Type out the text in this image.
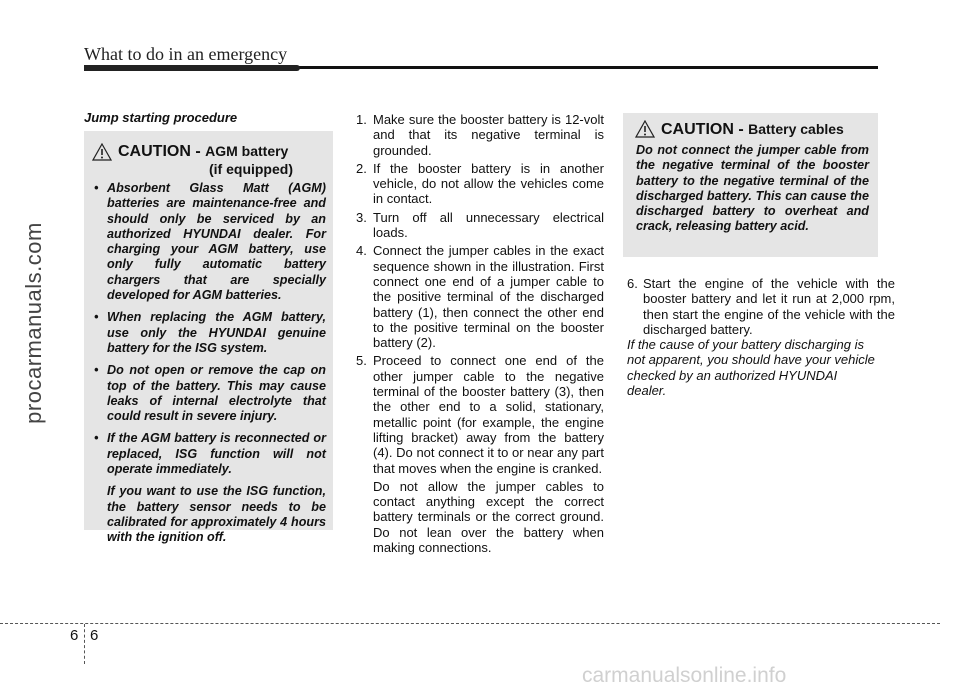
What to do in an emergency
procarmanuals.com
Jump starting procedure
CAUTION - AGM battery
(if equipped)
• Absorbent Glass Matt (AGM) batteries are maintenance-free and should only be serviced by an authorized HYUNDAI dealer. For charging your AGM battery, use only fully automatic battery chargers that are specially developed for AGM batteries.
• When replacing the AGM battery, use only the HYUNDAI genuine battery for the ISG system.
• Do not open or remove the cap on top of the battery. This may cause leaks of internal electrolyte that could result in severe injury.
• If the AGM battery is reconnected or replaced, ISG function will not operate immediately.

If you want to use the ISG function, the battery sensor needs to be calibrated for approximately 4 hours with the ignition off.

1. Make sure the booster battery is 12-volt and that its negative terminal is grounded.
2. If the booster battery is in another vehicle, do not allow the vehicles come in contact.
3. Turn off all unnecessary electrical loads.
4. Connect the jumper cables in the exact sequence shown in the illustration. First connect one end of a jumper cable to the positive terminal of the discharged battery (1), then connect the other end to the positive terminal on the booster battery (2).
5. Proceed to connect one end of the other jumper cable to the negative terminal of the booster battery (3), then the other end to a solid, stationary, metallic point (for example, the engine lifting bracket) away from the battery (4). Do not connect it to or near any part that moves when the engine is cranked.
Do not allow the jumper cables to contact anything except the correct battery terminals or the correct ground. Do not lean over the battery when making connections.
CAUTION - Battery cables
Do not connect the jumper cable from the negative terminal of the booster battery to the negative terminal of the discharged battery. This can cause the discharged battery to overheat and crack, releasing battery acid.
6. Start the engine of the vehicle with the booster battery and let it run at 2,000 rpm, then start the engine of the vehicle with the discharged battery.
If the cause of your battery discharging is not apparent, you should have your vehicle checked by an authorized HYUNDAI dealer.
6 6
carmanualsonline.info
